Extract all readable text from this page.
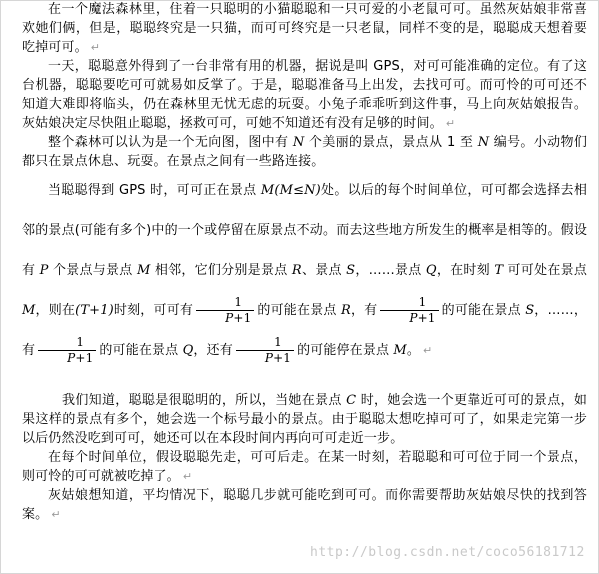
在一个魔法森林里，住着一只聪明的小猫聪聪和一只可爱的小老鼠可可。虽然灰姑娘非常喜欢她们俩，但是，聪聪终究是一只猫，而可可终究是一只老鼠，同样不变的是，聪聪成天想着要吃掉可可。 ↵

一天，聪聪意外得到了一台非常有用的机器，据说是叫 GPS，对可可能准确的定位。有了这台机器，聪聪要吃可可就易如反掌了。于是，聪聪准备马上出发，去找可可。而可怜的可可还不知道大难即将临头，仍在森林里无忧无虑的玩耍。小兔子乖乖听到这件事，马上向灰姑娘报告。灰姑娘决定尽快阻止聪聪，拯救可可，可她不知道还有没有足够的时间。 ↵

整个森林可以认为是一个无向图，图中有 N 个美丽的景点，景点从 1 至 N 编号。小动物们都只在景点休息、玩耍。在景点之间有一些路连接。

当聪聪得到 GPS 时，可可正在景点 M(M≤N)处。以后的每个时间单位，可可都会选择去相邻的景点(可能有多个)中的一个或停留在原景点不动。而去这些地方所发生的概率是相等的。假设有 P 个景点与景点 M 相邻，它们分别是景点 R、景点 S，……景点 Q，在时刻 T 可可处在景点 M，则在(T+1)时刻，可可有 $\frac{1}{P+1}$ 的可能在景点 R，有 $\frac{1}{P+1}$ 的可能在景点 S，……，有 $\frac{1}{P+1}$ 的可能在景点 Q，还有 $\frac{1}{P+1}$ 的可能停在景点 M。 ↵

我们知道，聪聪是很聪明的，所以，当她在景点 C 时，她会选一个更靠近可可的景点，如果这样的景点有多个，她会选一个标号最小的景点。由于聪聪太想吃掉可可了，如果走完第一步以后仍然没吃到可可，她还可以在本段时间内再向可可走近一步。

在每个时间单位，假设聪聪先走，可可后走。在某一时刻，若聪聪和可可位于同一个景点，则可怜的可可就被吃掉了。 ↵

灰姑娘想知道，平均情况下，聪聪几步就可能吃到可可。而你需要帮助灰姑娘尽快的找到答案。 ↵

http://blog.csdn.net/coco56181712
